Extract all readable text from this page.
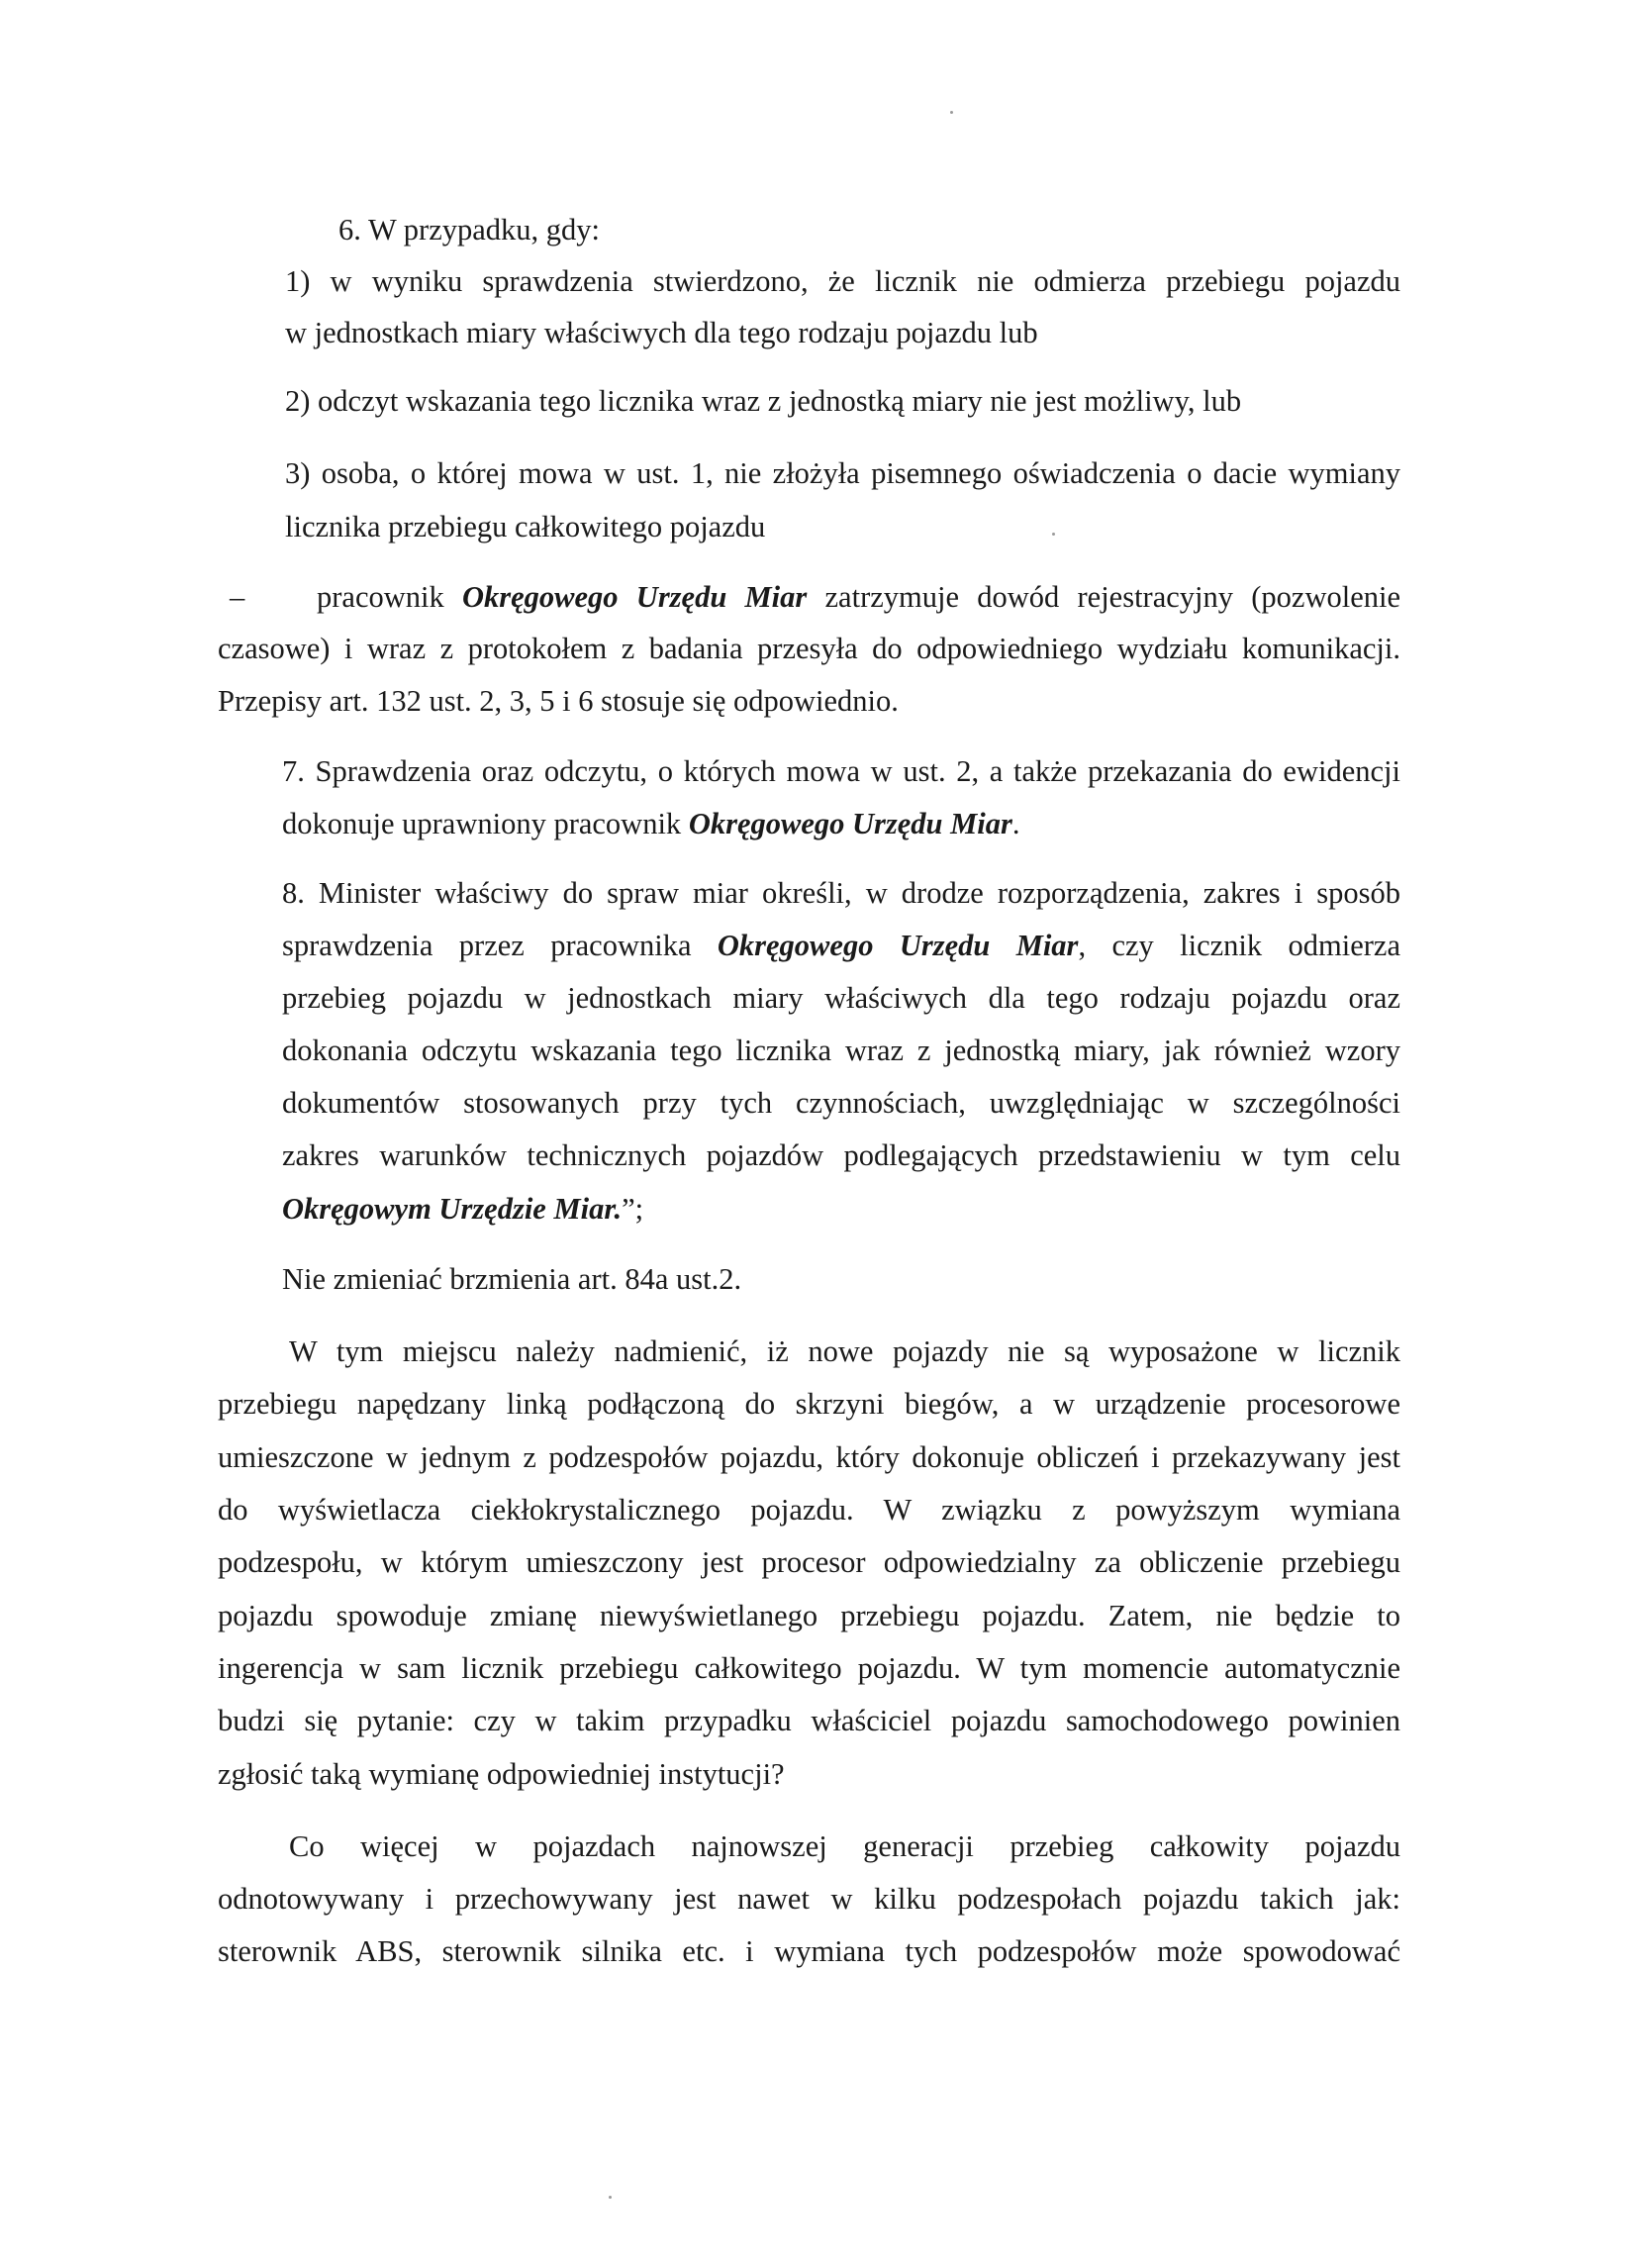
6. W przypadku, gdy:

1) w wyniku sprawdzenia stwierdzono, że licznik nie odmierza przebiegu pojazdu

w jednostkach miary właściwych dla tego rodzaju pojazdu lub

2) odczyt wskazania tego licznika wraz z jednostką miary nie jest możliwy, lub

3) osoba, o której mowa w ust. 1, nie złożyła pisemnego oświadczenia o dacie wymiany

licznika przebiegu całkowitego pojazdu

– pracownik Okręgowego Urzędu Miar zatrzymuje dowód rejestracyjny (pozwolenie

czasowe) i wraz z protokołem z badania przesyła do odpowiedniego wydziału komunikacji.

Przepisy art. 132 ust. 2, 3, 5 i 6 stosuje się odpowiednio.

7. Sprawdzenia oraz odczytu, o których mowa w ust. 2, a także przekazania do ewidencji

dokonuje uprawniony pracownik Okręgowego Urzędu Miar.

8. Minister właściwy do spraw miar określi, w drodze rozporządzenia, zakres i sposób

sprawdzenia przez pracownika Okręgowego Urzędu Miar, czy licznik odmierza

przebieg pojazdu w jednostkach miary właściwych dla tego rodzaju pojazdu oraz

dokonania odczytu wskazania tego licznika wraz z jednostką miary, jak również wzory

dokumentów stosowanych przy tych czynnościach, uwzględniając w szczególności

zakres warunków technicznych pojazdów podlegających przedstawieniu w tym celu

Okręgowym Urzędzie Miar.”;

Nie zmieniać brzmienia art. 84a ust.2.

W tym miejscu należy nadmienić, iż nowe pojazdy nie są wyposażone w licznik

przebiegu napędzany linką podłączoną do skrzyni biegów, a w urządzenie procesorowe

umieszczone w jednym z podzespołów pojazdu, który dokonuje obliczeń i przekazywany jest

do wyświetlacza ciekłokrystalicznego pojazdu. W związku z powyższym wymiana

podzespołu, w którym umieszczony jest procesor odpowiedzialny za obliczenie przebiegu

pojazdu spowoduje zmianę niewyświetlanego przebiegu pojazdu. Zatem, nie będzie to

ingerencja w sam licznik przebiegu całkowitego pojazdu. W tym momencie automatycznie

budzi się pytanie: czy w takim przypadku właściciel pojazdu samochodowego powinien

zgłosić taką wymianę odpowiedniej instytucji?

Co więcej w pojazdach najnowszej generacji przebieg całkowity pojazdu

odnotowywany i przechowywany jest nawet w kilku podzespołach pojazdu takich jak:

sterownik ABS, sterownik silnika etc. i wymiana tych podzespołów może spowodować
